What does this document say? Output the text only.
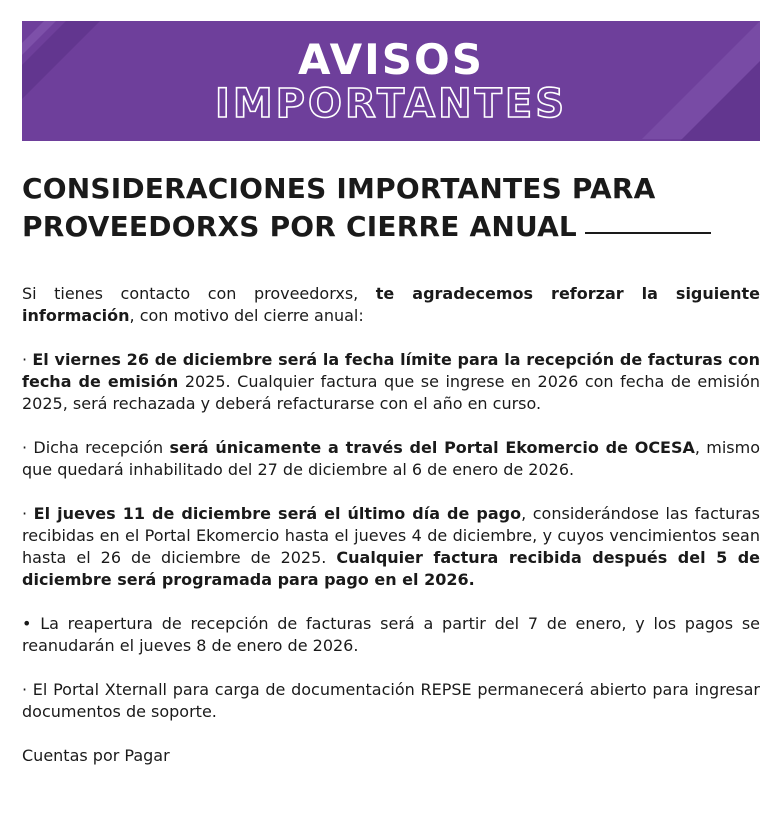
AVISOS
IMPORTANTES
CONSIDERACIONES IMPORTANTES PARA
PROVEEDORXS POR CIERRE ANUAL

Si tienes contacto con proveedorxs, te agradecemos reforzar la siguiente información, con motivo del cierre anual:

· El viernes 26 de diciembre será la fecha límite para la recepción de facturas con fecha de emisión 2025. Cualquier factura que se ingrese en 2026 con fecha de emisión 2025, será rechazada y deberá refacturarse con el año en curso.

· Dicha recepción será únicamente a través del Portal Ekomercio de OCESA, mismo que quedará inhabilitado del 27 de diciembre al 6 de enero de 2026.

· El jueves 11 de diciembre será el último día de pago, considerándose las facturas recibidas en el Portal Ekomercio hasta el jueves 4 de diciembre, y cuyos vencimientos sean hasta el 26 de diciembre de 2025. Cualquier factura recibida después del 5 de diciembre será programada para pago en el 2026.

• La reapertura de recepción de facturas será a partir del 7 de enero, y los pagos se reanudarán el jueves 8 de enero de 2026.

· El Portal Xternall para carga de documentación REPSE permanecerá abierto para ingresar documentos de soporte.

Cuentas por Pagar
